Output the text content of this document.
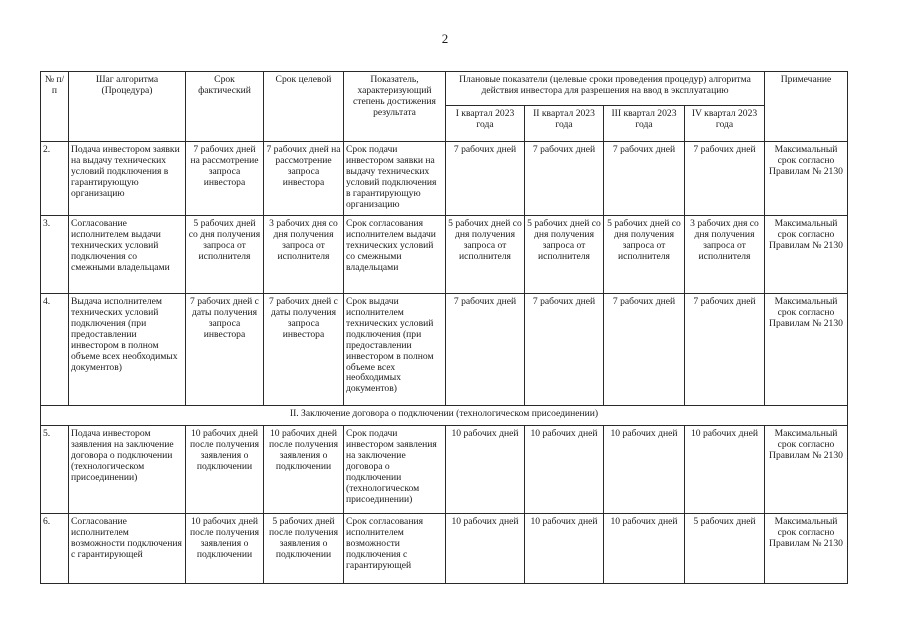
2
№ п/п	Шаг алгоритма (Процедура)	Срок фактический	Срок целевой	Показатель, характеризующий степень достижения результата	Плановые показатели (целевые сроки проведения процедур) алгоритма действия инвестора для разрешения на ввод в эксплуатацию				Примечание
					I квартал 2023 года	II квартал 2023 года	III квартал 2023 года	IV квартал 2023 года	
2.	Подача инвестором заявки на выдачу технических условий подключения в гарантирующую организацию	7 рабочих дней на рассмотрение запроса инвестора	7 рабочих дней на рассмотрение запроса инвестора	Срок подачи инвестором заявки на выдачу технических условий подключения в гарантирующую организацию	7 рабочих дней	7 рабочих дней	7 рабочих дней	7 рабочих дней	Максимальный срок согласно Правилам № 2130
3.	Согласование исполнителем выдачи технических условий подключения со смежными владельцами	5 рабочих дней со дня получения запроса от исполнителя	3 рабочих дня со дня получения запроса от исполнителя	Срок согласования исполнителем выдачи технических условий со смежными владельцами	5 рабочих дней со дня получения запроса от исполнителя	5 рабочих дней со дня получения запроса от исполнителя	5 рабочих дней со дня получения запроса от исполнителя	3 рабочих дня со дня получения запроса от исполнителя	Максимальный срок согласно Правилам № 2130
4.	Выдача исполнителем технических условий подключения (при предоставлении инвестором в полном объеме всех необходимых документов)	7 рабочих дней с даты получения запроса инвестора	7 рабочих дней с даты получения запроса инвестора	Срок выдачи исполнителем технических условий подключения (при предоставлении инвестором в полном объеме всех необходимых документов)	7 рабочих дней	7 рабочих дней	7 рабочих дней	7 рабочих дней	Максимальный срок согласно Правилам № 2130
II. Заключение договора о подключении (технологическом присоединении)									
5.	Подача инвестором заявления на заключение договора о подключении (технологическом присоединении)	10 рабочих дней после получения заявления о подключении	10 рабочих дней после получения заявления о подключении	Срок подачи инвестором заявления на заключение договора о подключении (технологическом присоединении)	10 рабочих дней	10 рабочих дней	10 рабочих дней	10 рабочих дней	Максимальный срок согласно Правилам № 2130
6.	Согласование исполнителем возможности подключения с гарантирующей	10 рабочих дней после получения заявления о подключении	5 рабочих дней после получения заявления о подключении	Срок согласования исполнителем возможности подключения с гарантирующей	10 рабочих дней	10 рабочих дней	10 рабочих дней	5 рабочих дней	Максимальный срок согласно Правилам № 2130
